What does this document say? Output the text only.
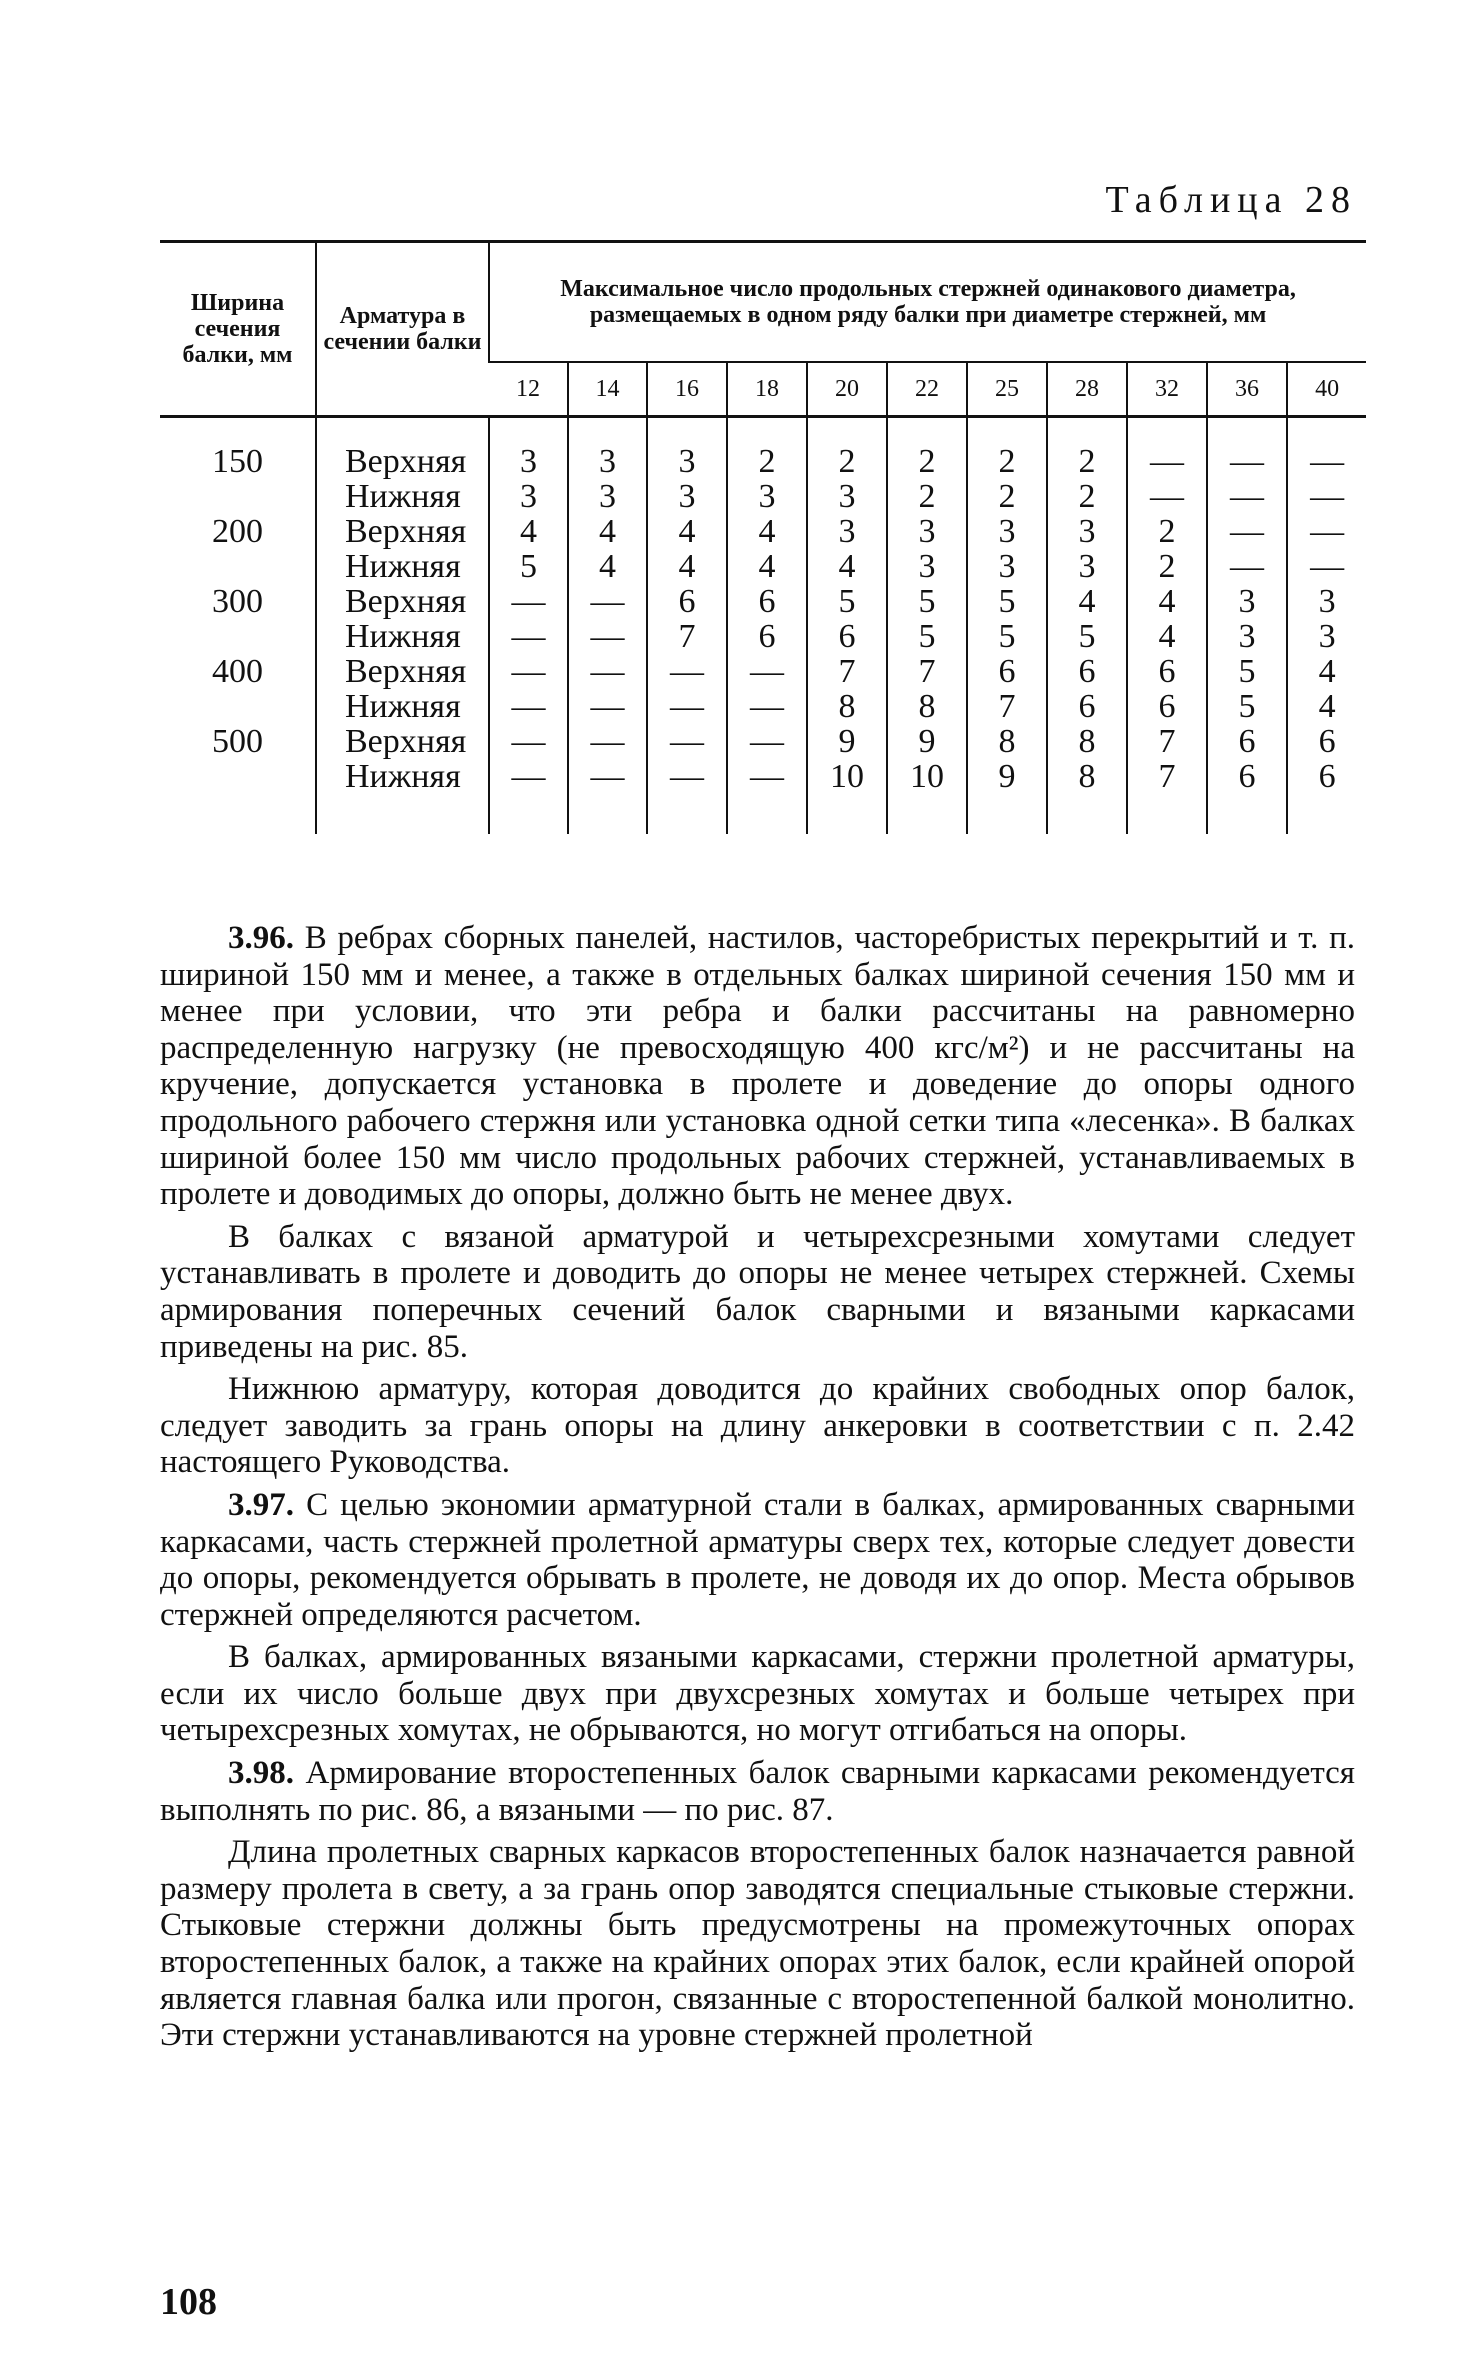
Таблица 28
Ширина сечения балки, мм	Арматура в сечении балки	Максимальное число продольных стержней одинакового диаметра, размещаемых в одном ряду балки при диаметре стержней, мм										
		12	14	16	18	20	22	25	28	32	36	40
150	Верхняя	3	3	3	2	2	2	2	2	—	—	—
	Нижняя	3	3	3	3	3	2	2	2	—	—	—
200	Верхняя	4	4	4	4	3	3	3	3	2	—	—
	Нижняя	5	4	4	4	4	3	3	3	2	—	—
300	Верхняя	—	—	6	6	5	5	5	4	4	3	3
	Нижняя	—	—	7	6	6	5	5	5	4	3	3
400	Верхняя	—	—	—	—	7	7	6	6	6	5	4
	Нижняя	—	—	—	—	8	8	7	6	6	5	4
500	Верхняя	—	—	—	—	9	9	8	8	7	6	6
	Нижняя	—	—	—	—	10	10	9	8	7	6	6

3.96. В ребрах сборных панелей, настилов, часторебристых перекрытий и т. п. шириной 150 мм и менее, а также в отдельных балках шириной сечения 150 мм и менее при условии, что эти ребра и балки рассчитаны на равномерно распределенную нагрузку (не превосходящую 400 кгс/м²) и не рассчитаны на кручение, допускается установка в пролете и доведение до опоры одного продольного рабочего стержня или установка одной сетки типа «лесенка». В балках шириной более 150 мм число продольных рабочих стержней, устанавливаемых в пролете и доводимых до опоры, должно быть не менее двух.

В балках с вязаной арматурой и четырехсрезными хомутами следует устанавливать в пролете и доводить до опоры не менее четырех стержней. Схемы армирования поперечных сечений балок сварными и вязаными каркасами приведены на рис. 85.

Нижнюю арматуру, которая доводится до крайних свободных опор балок, следует заводить за грань опоры на длину анкеровки в соответствии с п. 2.42 настоящего Руководства.

3.97. С целью экономии арматурной стали в балках, армированных сварными каркасами, часть стержней пролетной арматуры сверх тех, которые следует довести до опоры, рекомендуется обрывать в пролете, не доводя их до опор. Места обрывов стержней определяются расчетом.

В балках, армированных вязаными каркасами, стержни пролетной арматуры, если их число больше двух при двухсрезных хомутах и больше четырех при четырехсрезных хомутах, не обрываются, но могут отгибаться на опоры.

3.98. Армирование второстепенных балок сварными каркасами рекомендуется выполнять по рис. 86, а вязаными — по рис. 87.

Длина пролетных сварных каркасов второстепенных балок назначается равной размеру пролета в свету, а за грань опор заводятся специальные стыковые стержни. Стыковые стержни должны быть предусмотрены на промежуточных опорах второстепенных балок, а также на крайних опорах этих балок, если крайней опорой является главная балка или прогон, связанные с второстепенной балкой монолитно. Эти стержни устанавливаются на уровне стержней пролетной

108
